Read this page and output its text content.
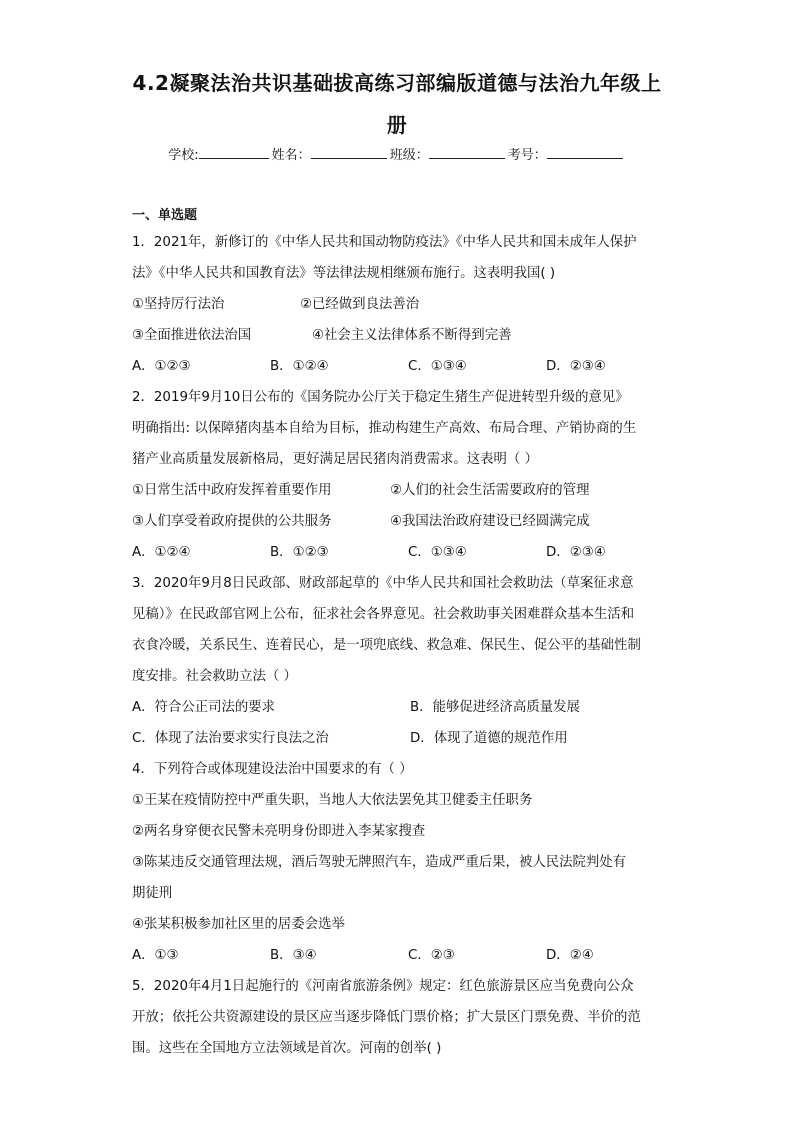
4.2凝聚法治共识基础拔高练习部编版道德与法治九年级上
册
学校:	姓名：	班级：	考号：
一、单选题
1．2021年，新修订的《中华人民共和国动物防疫法》《中华人民共和国未成年人保护
法》《中华人民共和国教育法》等法律法规相继颁布施行。这表明我国( )
①坚持厉行法治	②已经做到良法善治
③全面推进依法治国	④社会主义法律体系不断得到完善
A．①②③	B．①②④	C．①③④	D．②③④
2．2019年9月10日公布的《国务院办公厅关于稳定生猪生产促进转型升级的意见》
明确指出: 以保障猪肉基本自给为目标，推动构建生产高效、布局合理、产销协商的生
猪产业高质量发展新格局，更好满足居民猪肉消费需求。这表明（ ）
①日常生活中政府发挥着重要作用	②人们的社会生活需要政府的管理
③人们享受着政府提供的公共服务	④我国法治政府建设已经圆满完成
A．①②④	B．①②③	C．①③④	D．②③④
3．2020年9月8日民政部、财政部起草的《中华人民共和国社会救助法（草案征求意
见稿）》在民政部官网上公布，征求社会各界意见。社会救助事关困难群众基本生活和
衣食冷暖，关系民生、连着民心，是一项兜底线、救急难、保民生、促公平的基础性制
度安排。社会救助立法（ ）
A．符合公正司法的要求	B．能够促进经济高质量发展
C．体现了法治要求实行良法之治	D．体现了道德的规范作用
4．下列符合或体现建设法治中国要求的有（ ）
①王某在疫情防控中严重失职，当地人大依法罢免其卫健委主任职务
②两名身穿便衣民警未亮明身份即进入李某家搜查
③陈某违反交通管理法规，酒后驾驶无牌照汽车，造成严重后果，被人民法院判处有
期徒刑
④张某积极参加社区里的居委会选举
A．①③	B．③④	C．②③	D．②④
5．2020年4月1日起施行的《河南省旅游条例》规定：红色旅游景区应当免费向公众
开放；依托公共资源建设的景区应当逐步降低门票价格；扩大景区门票免费、半价的范
围。这些在全国地方立法领域是首次。河南的创举( )
